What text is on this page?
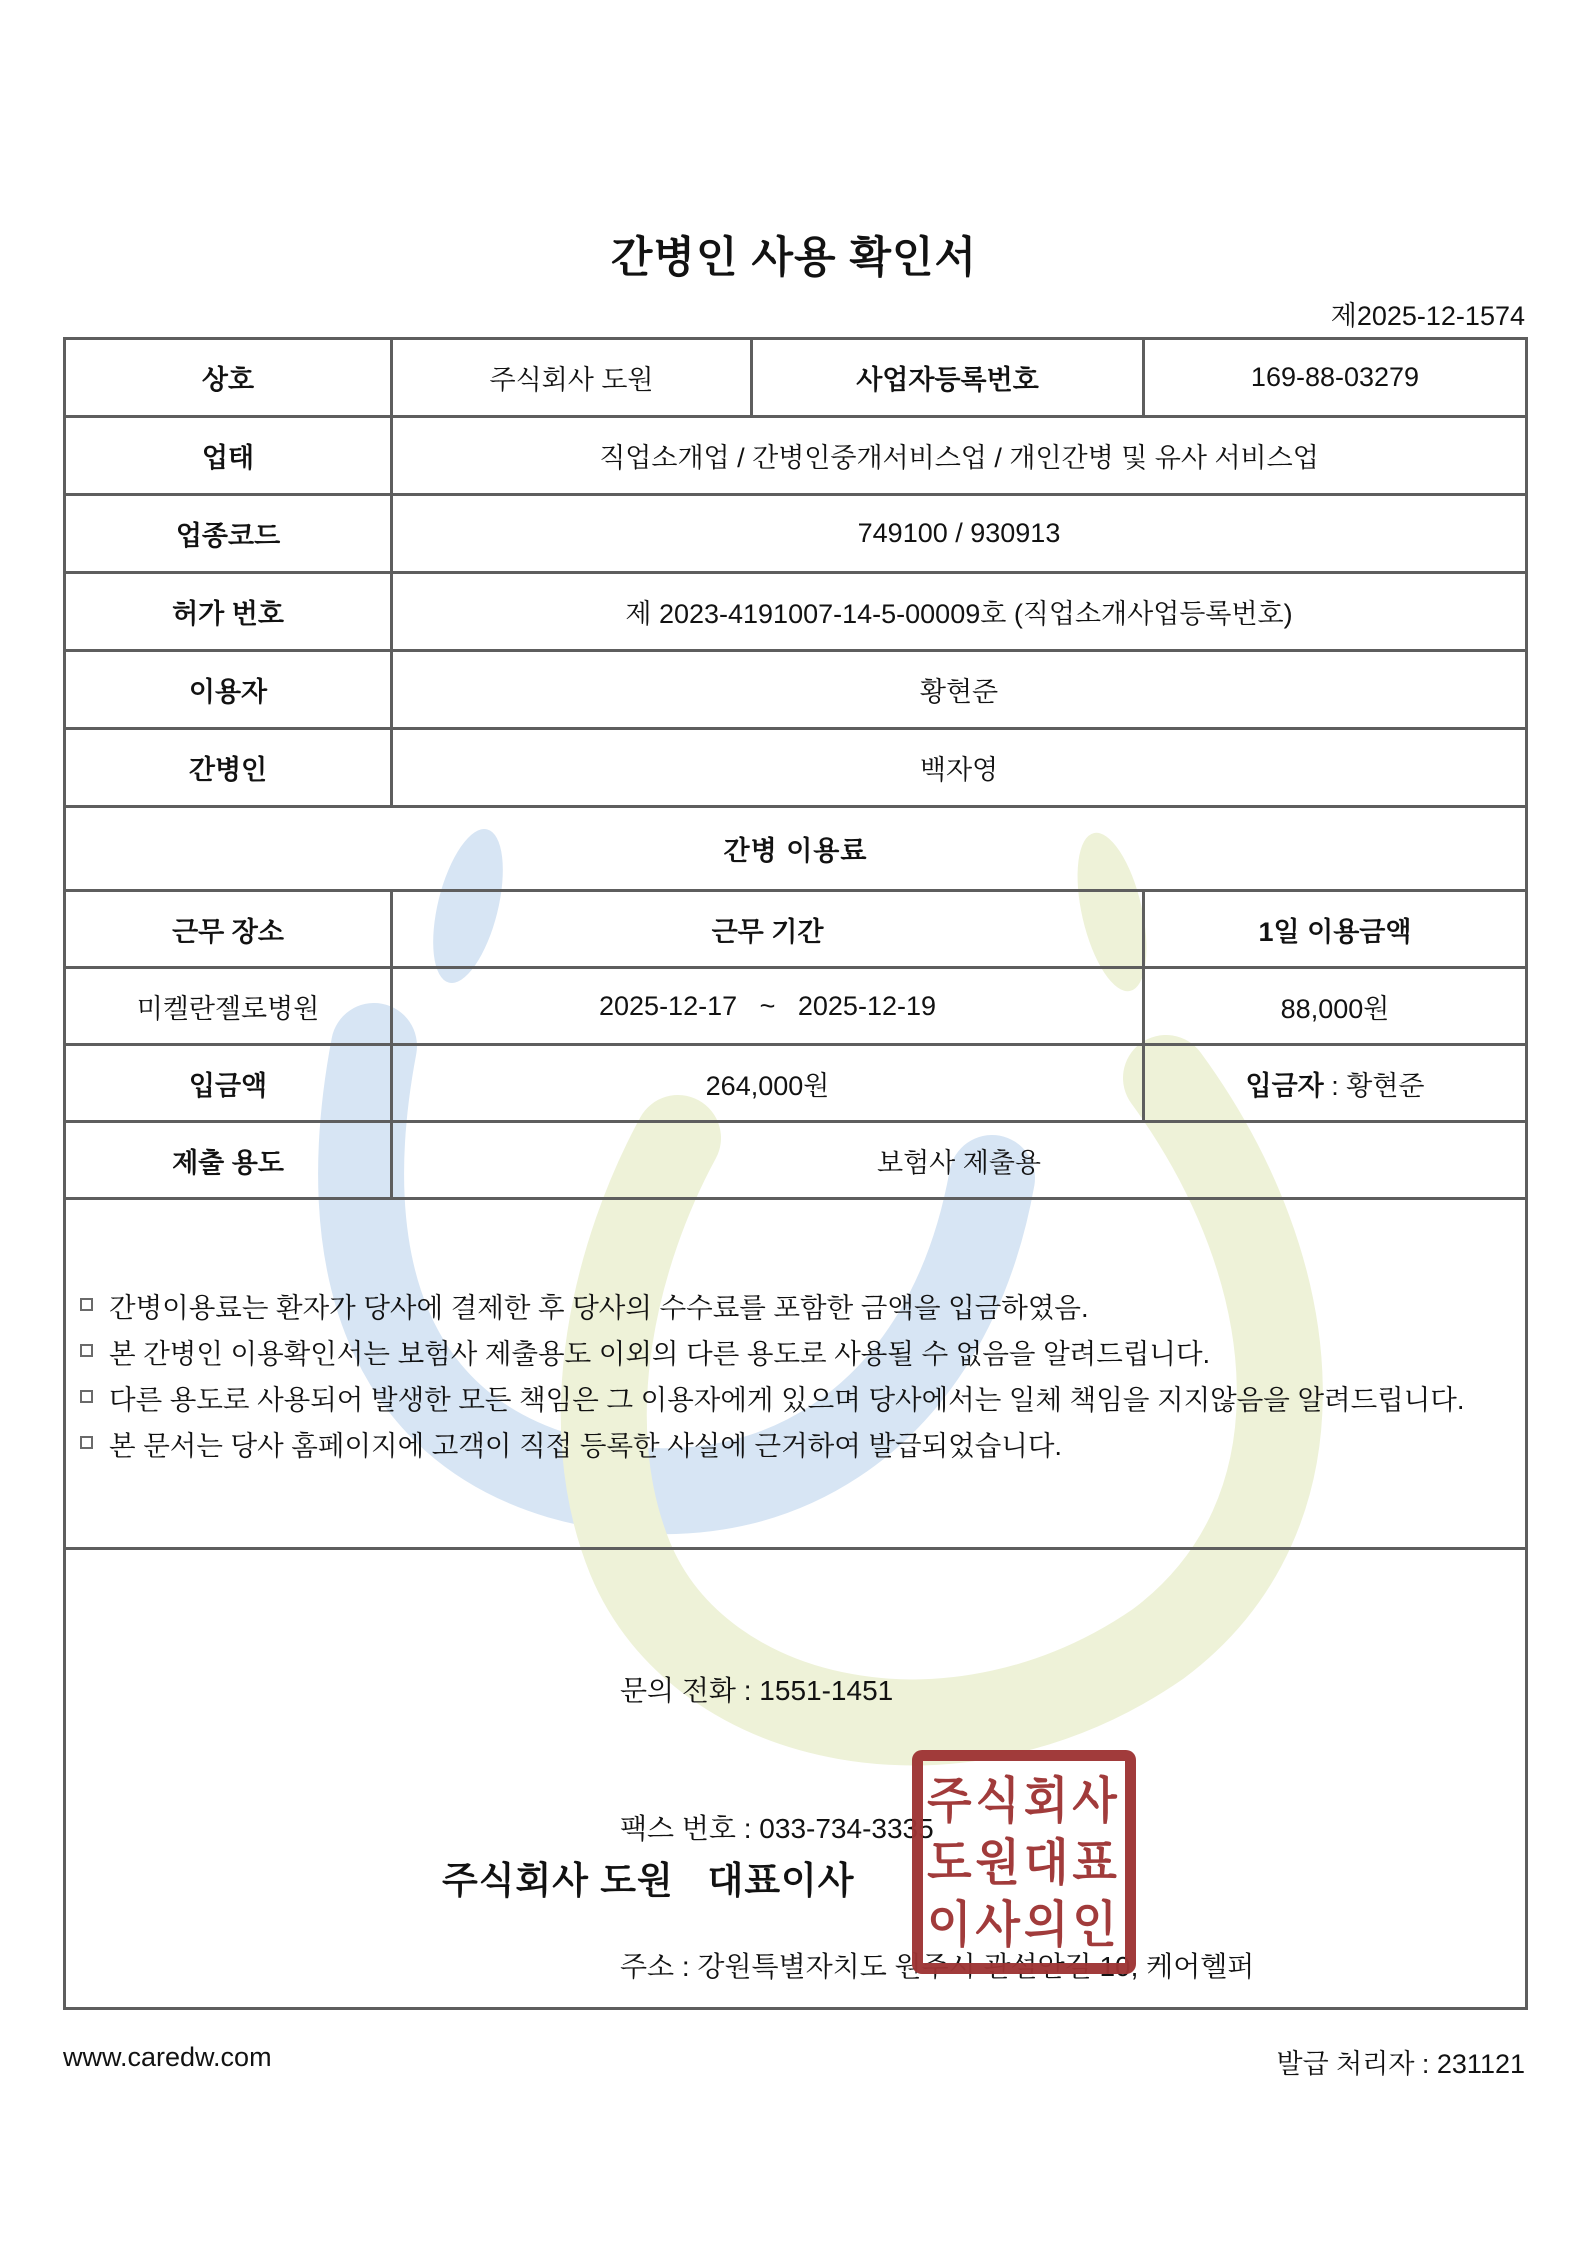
간병인 사용 확인서
제2025-12-1574
상호	주식회사 도원	사업자등록번호	169-88-03279
업태	직업소개업 / 간병인중개서비스업 / 개인간병 및 유사 서비스업		
업종코드	749100 / 930913		
허가 번호	제 2023-4191007-14-5-00009호 (직업소개사업등록번호)		
이용자	황현준		
간병인	백자영		
간병 이용료			
근무 장소	근무 기간		1일 이용금액
미켈란젤로병원	2025-12-17   ~   2025-12-19		88,000원
입금액	264,000원		입금자 : 황현준
제출 용도	보험사 제출용		

간병이용료는 환자가 당사에 결제한 후 당사의 수수료를 포함한 금액을 입금하였음.
본 간병인 이용확인서는 보험사 제출용도 이외의 다른 용도로 사용될 수 없음을 알려드립니다.
다른 용도로 사용되어 발생한 모든 책임은 그 이용자에게 있으며 당사에서는 일체 책임을 지지않음을 알려드립니다.
본 문서는 당사 홈페이지에 고객이 직접 등록한 사실에 근거하여 발급되었습니다.			

문의 전화 : 1551-1451

팩스 번호 : 033-734-3335

주소 : 강원특별자치도 원주시 관설안길 10, 케어헬퍼

주식회사 도원   대표이사
주식회사
도원대표
이사의인
www.caredw.com	발급 처리자 : 231121
